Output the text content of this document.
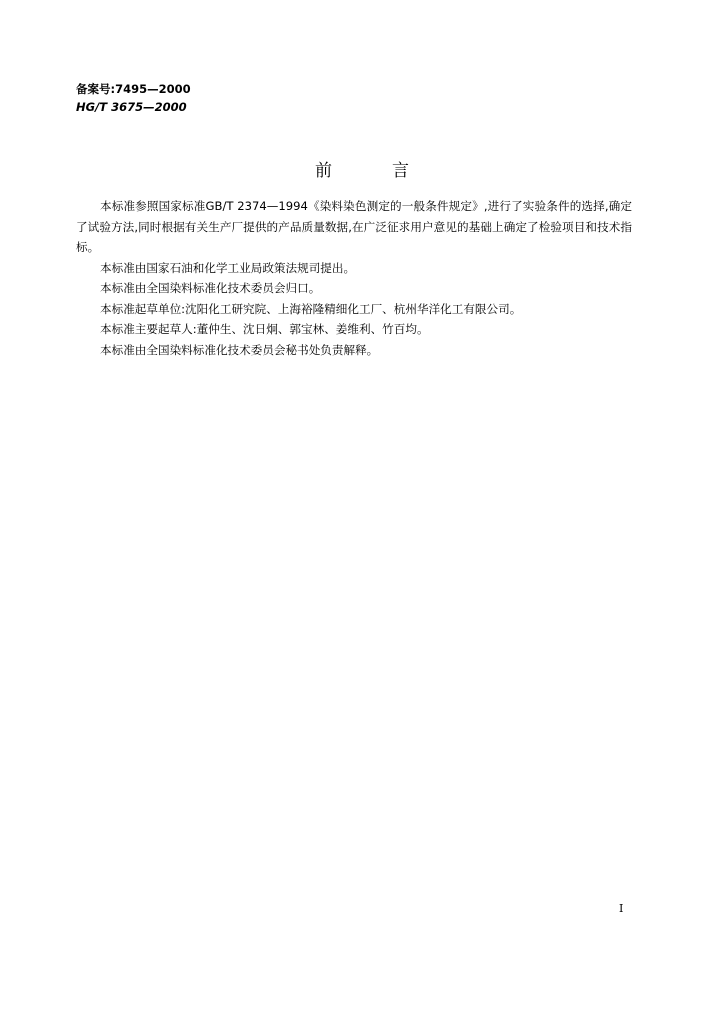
备案号:7495—2000
HG/T 3675—2000
前言

本标准参照国家标准GB/T 2374—1994《染料染色测定的一般条件规定》,进行了实验条件的选择,确定了试验方法,同时根据有关生产厂提供的产品质量数据,在广泛征求用户意见的基础上确定了检验项目和技术指标。

本标准由国家石油和化学工业局政策法规司提出。

本标准由全国染料标准化技术委员会归口。

本标准起草单位:沈阳化工研究院、上海裕隆精细化工厂、杭州华洋化工有限公司。

本标准主要起草人:董仲生、沈日炯、郭宝林、姜维利、竹百均。

本标准由全国染料标准化技术委员会秘书处负责解释。

I
